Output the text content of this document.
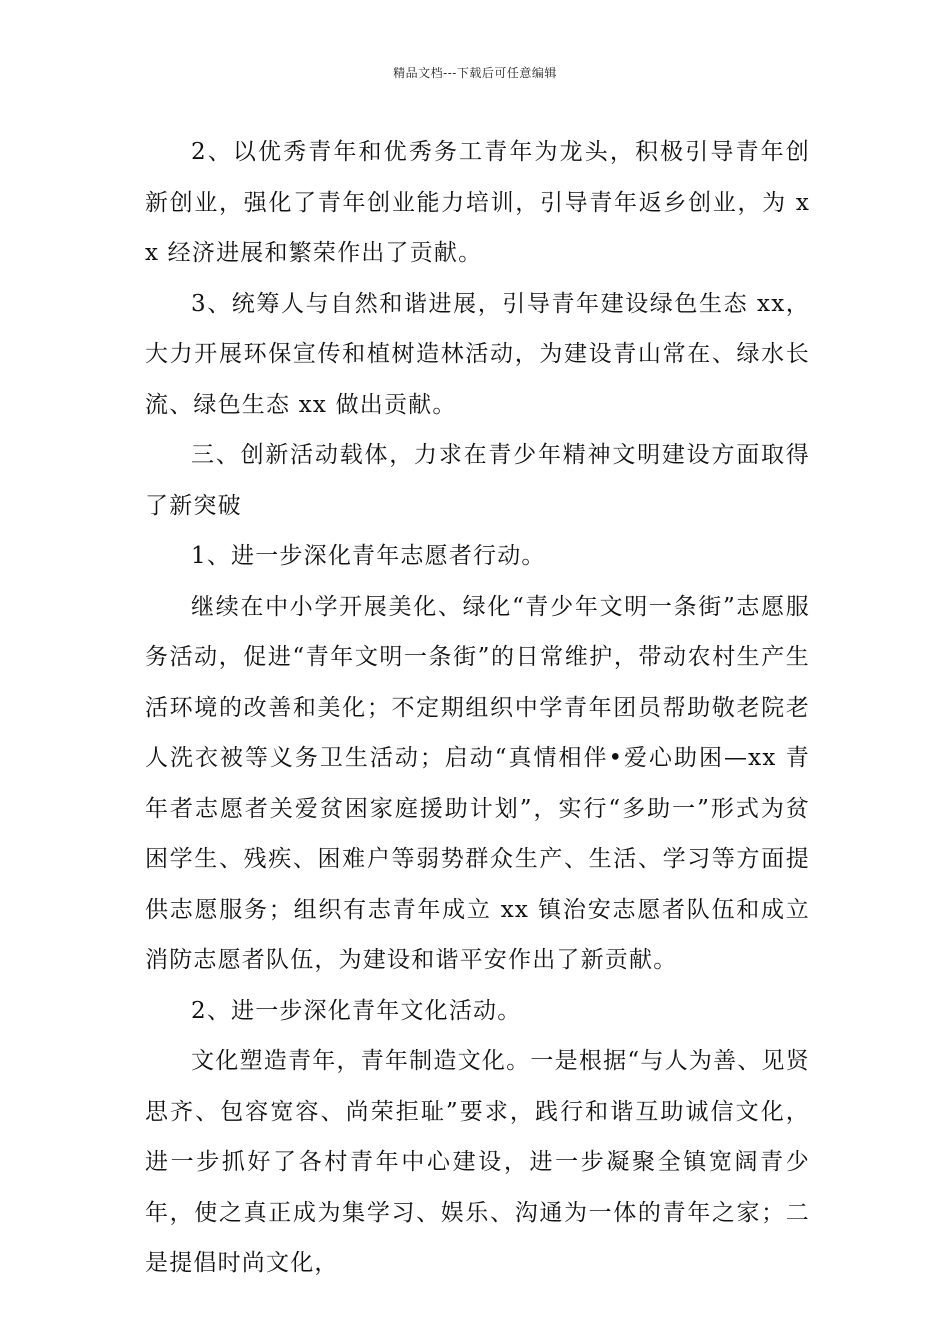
精品文档---下载后可任意编辑

2、以优秀青年和优秀务工青年为龙头，积极引导青年创新创业，强化了青年创业能力培训，引导青年返乡创业，为 xx 经济进展和繁荣作出了贡献。

3、统筹人与自然和谐进展，引导青年建设绿色生态 xx，大力开展环保宣传和植树造林活动，为建设青山常在、绿水长流、绿色生态 xx 做出贡献。

三、创新活动载体，力求在青少年精神文明建设方面取得了新突破

1、进一步深化青年志愿者行动。

继续在中小学开展美化、绿化“青少年文明一条街”志愿服务活动，促进“青年文明一条街”的日常维护，带动农村生产生活环境的改善和美化；不定期组织中学青年团员帮助敬老院老人洗衣被等义务卫生活动；启动“真情相伴•爱心助困—xx 青年者志愿者关爱贫困家庭援助计划”，实行“多助一”形式为贫困学生、残疾、困难户等弱势群众生产、生活、学习等方面提供志愿服务；组织有志青年成立 xx 镇治安志愿者队伍和成立消防志愿者队伍，为建设和谐平安作出了新贡献。

2、进一步深化青年文化活动。

文化塑造青年，青年制造文化。一是根据“与人为善、见贤思齐、包容宽容、尚荣拒耻”要求，践行和谐互助诚信文化，进一步抓好了各村青年中心建设，进一步凝聚全镇宽阔青少年，使之真正成为集学习、娱乐、沟通为一体的青年之家；二是提倡时尚文化，
